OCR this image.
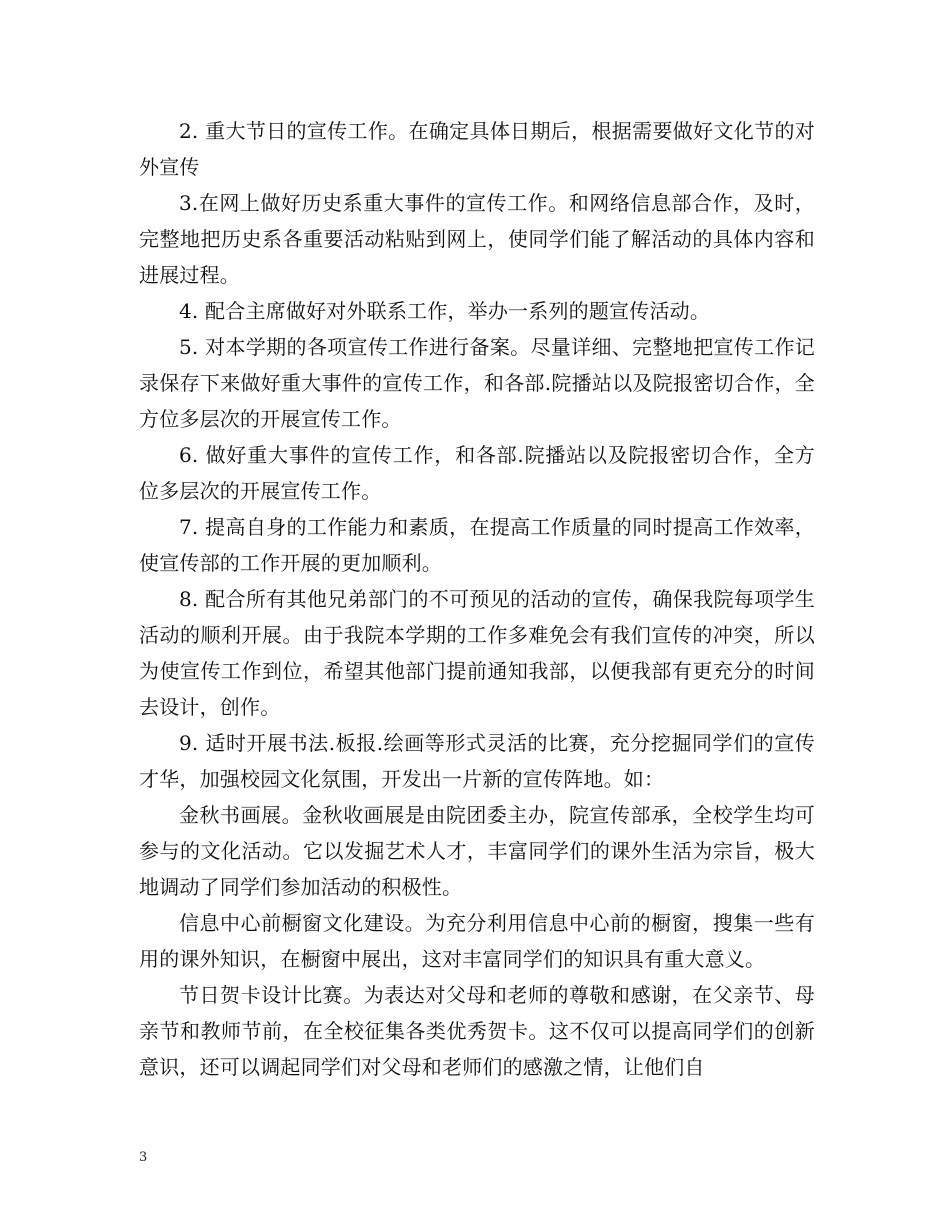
2. 重大节日的宣传工作。在确定具体日期后，根据需要做好文化节的对外宣传

3.在网上做好历史系重大事件的宣传工作。和网络信息部合作，及时，完整地把历史系各重要活动粘贴到网上，使同学们能了解活动的具体内容和进展过程。

4. 配合主席做好对外联系工作，举办一系列的题宣传活动。

5. 对本学期的各项宣传工作进行备案。尽量详细、完整地把宣传工作记录保存下来做好重大事件的宣传工作，和各部.院播站以及院报密切合作，全方位多层次的开展宣传工作。

6. 做好重大事件的宣传工作，和各部.院播站以及院报密切合作，全方位多层次的开展宣传工作。

7. 提高自身的工作能力和素质，在提高工作质量的同时提高工作效率，使宣传部的工作开展的更加顺利。

8. 配合所有其他兄弟部门的不可预见的活动的宣传，确保我院每项学生活动的顺利开展。由于我院本学期的工作多难免会有我们宣传的冲突，所以为使宣传工作到位，希望其他部门提前通知我部，以便我部有更充分的时间去设计，创作。

9. 适时开展书法.板报.绘画等形式灵活的比赛，充分挖掘同学们的宣传才华，加强校园文化氛围，开发出一片新的宣传阵地。如：

金秋书画展。金秋收画展是由院团委主办，院宣传部承，全校学生均可参与的文化活动。它以发掘艺术人才，丰富同学们的课外生活为宗旨，极大地调动了同学们参加活动的积极性。

信息中心前橱窗文化建设。为充分利用信息中心前的橱窗，搜集一些有用的课外知识，在橱窗中展出，这对丰富同学们的知识具有重大意义。

节日贺卡设计比赛。为表达对父母和老师的尊敬和感谢，在父亲节、母亲节和教师节前，在全校征集各类优秀贺卡。这不仅可以提高同学们的创新意识，还可以调起同学们对父母和老师们的感激之情，让他们自

3
